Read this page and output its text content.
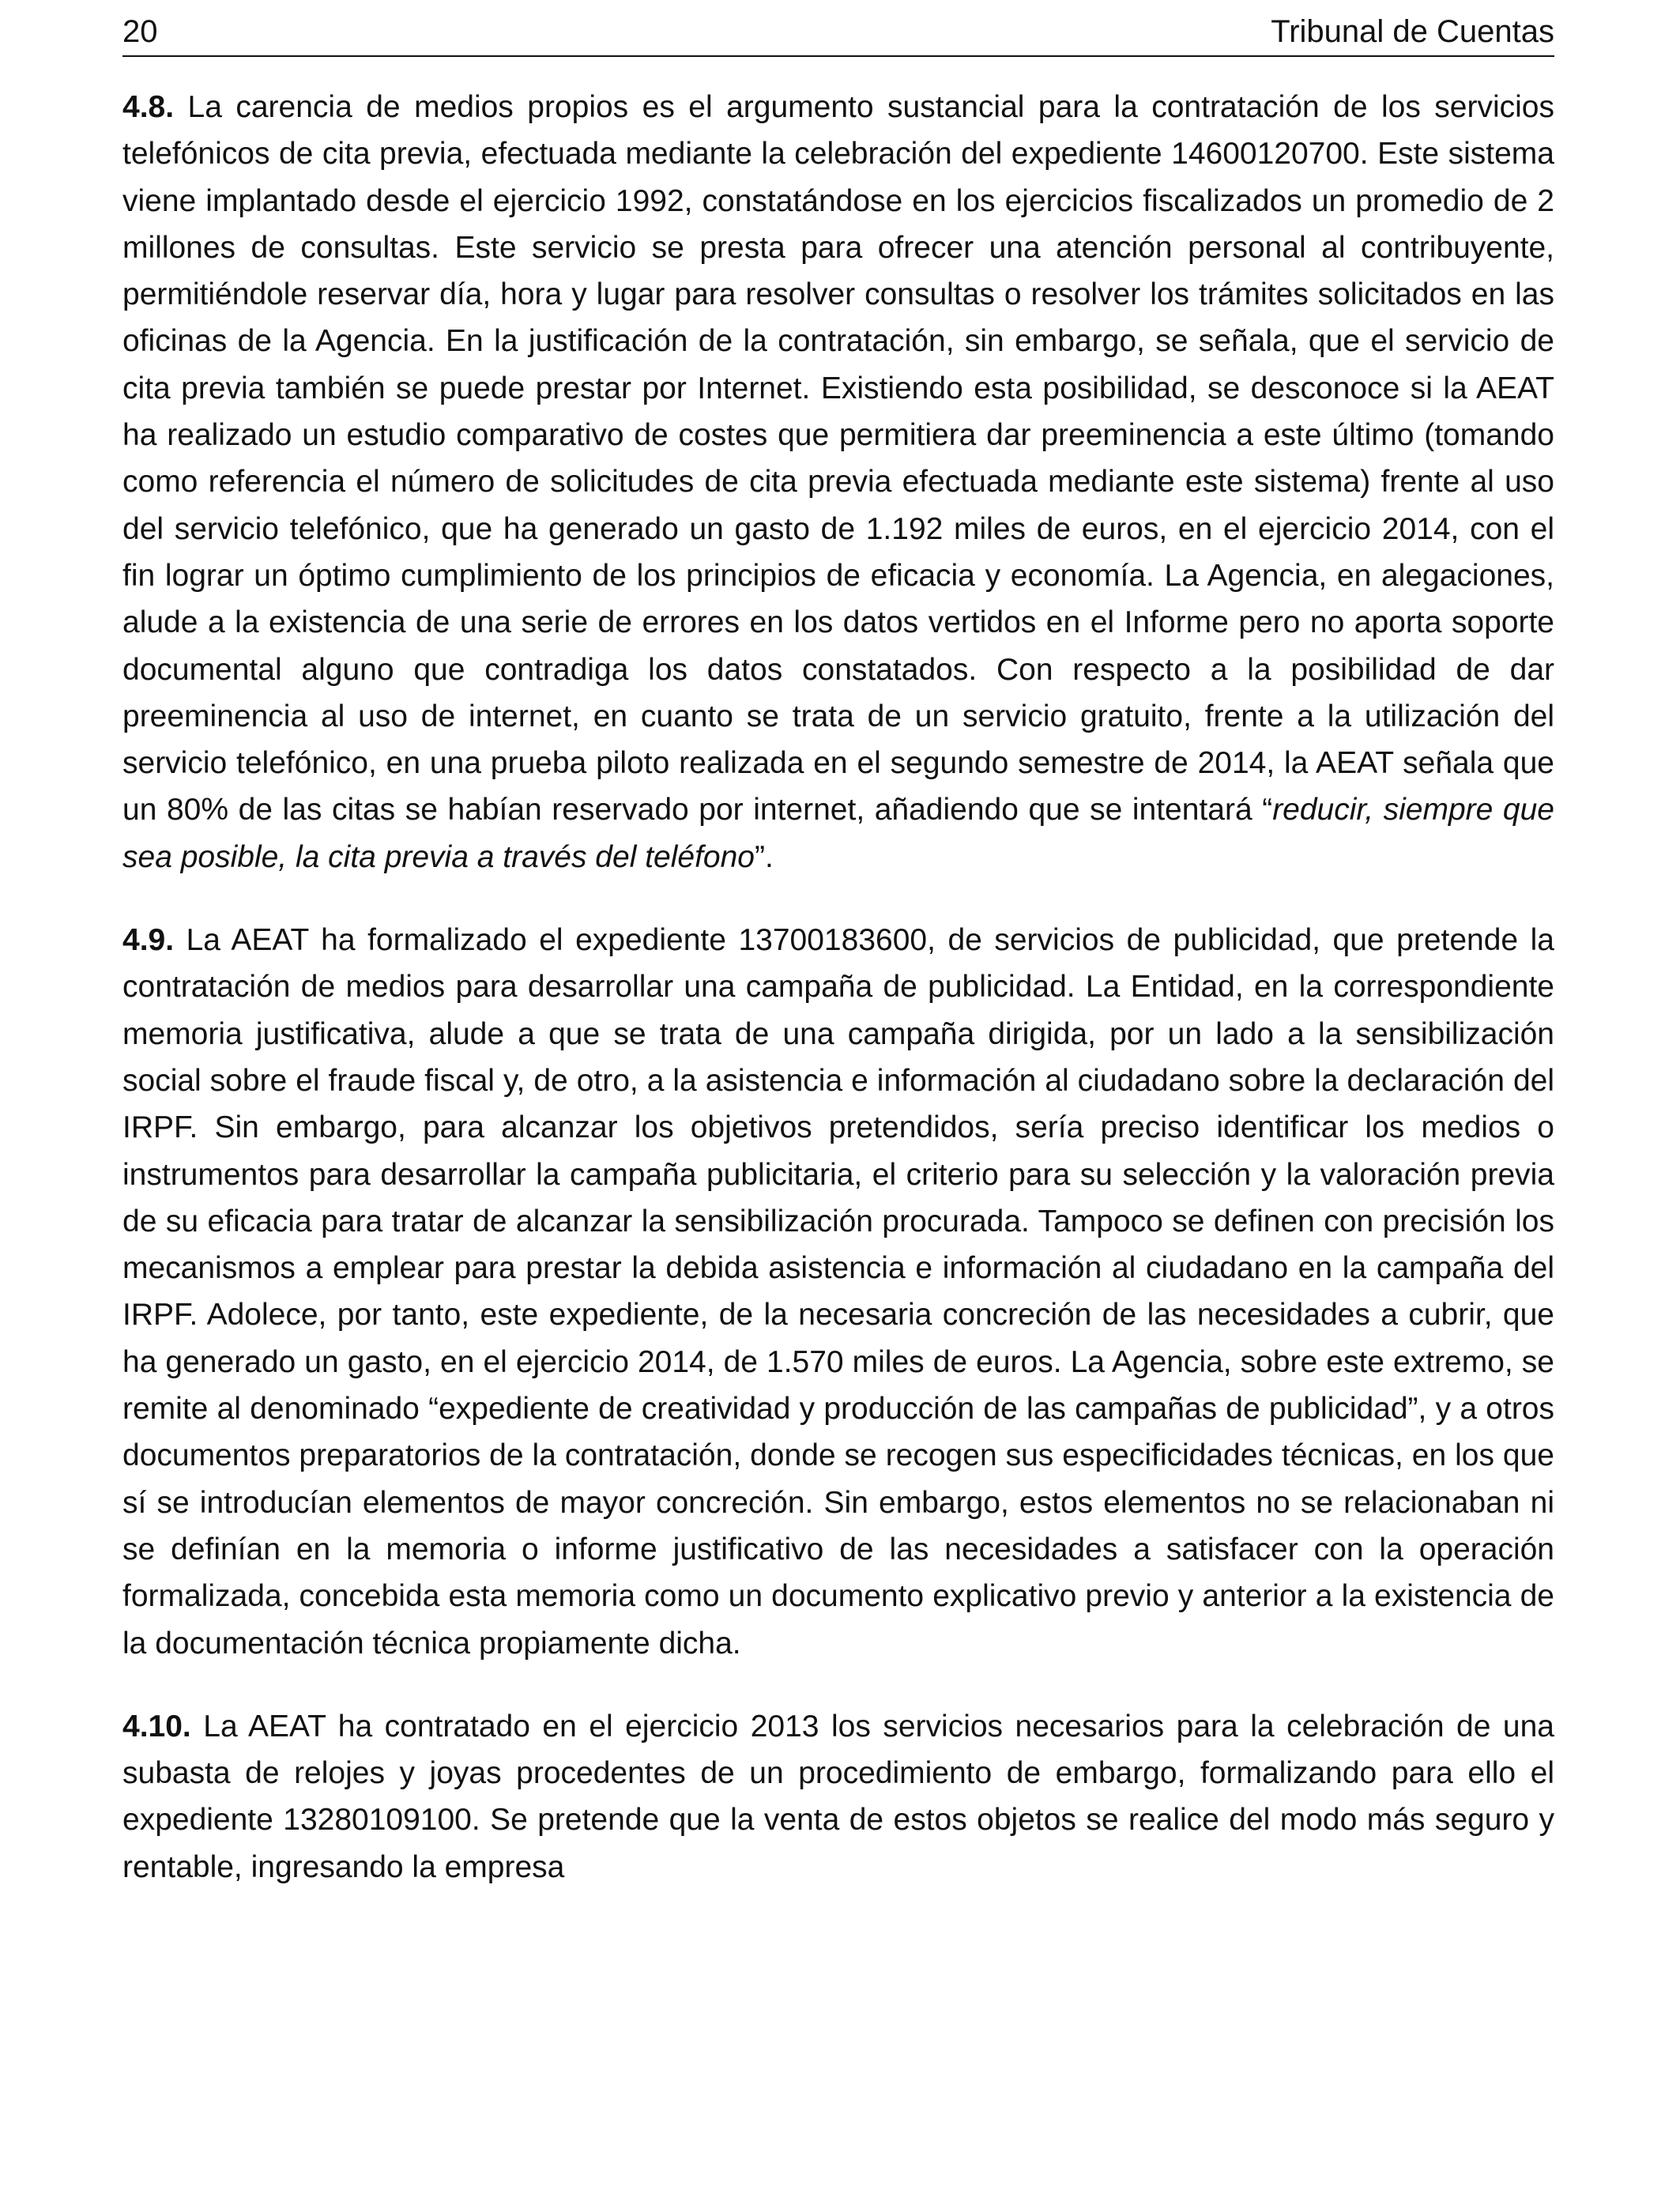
20	Tribunal de Cuentas

4.8. La carencia de medios propios es el argumento sustancial para la contratación de los servicios telefónicos de cita previa, efectuada mediante la celebración del expediente 14600120700. Este sistema viene implantado desde el ejercicio 1992, constatándose en los ejercicios fiscalizados un promedio de 2 millones de consultas. Este servicio se presta para ofrecer una atención personal al contribuyente, permitiéndole reservar día, hora y lugar para resolver consultas o resolver los trámites solicitados en las oficinas de la Agencia. En la justificación de la contratación, sin embargo, se señala, que el servicio de cita previa también se puede prestar por Internet. Existiendo esta posibilidad, se desconoce si la AEAT ha realizado un estudio comparativo de costes que permitiera dar preeminencia a este último (tomando como referencia el número de solicitudes de cita previa efectuada mediante este sistema) frente al uso del servicio telefónico, que ha generado un gasto de 1.192 miles de euros, en el ejercicio 2014, con el fin lograr un óptimo cumplimiento de los principios de eficacia y economía. La Agencia, en alegaciones, alude a la existencia de una serie de errores en los datos vertidos en el Informe pero no aporta soporte documental alguno que contradiga los datos constatados. Con respecto a la posibilidad de dar preeminencia al uso de internet, en cuanto se trata de un servicio gratuito, frente a la utilización del servicio telefónico, en una prueba piloto realizada en el segundo semestre de 2014, la AEAT señala que un 80% de las citas se habían reservado por internet, añadiendo que se intentará “reducir, siempre que sea posible, la cita previa a través del teléfono”.

4.9. La AEAT ha formalizado el expediente 13700183600, de servicios de publicidad, que pretende la contratación de medios para desarrollar una campaña de publicidad. La Entidad, en la correspondiente memoria justificativa, alude a que se trata de una campaña dirigida, por un lado a la sensibilización social sobre el fraude fiscal y, de otro, a la asistencia e información al ciudadano sobre la declaración del IRPF. Sin embargo, para alcanzar los objetivos pretendidos, sería preciso identificar los medios o instrumentos para desarrollar la campaña publicitaria, el criterio para su selección y la valoración previa de su eficacia para tratar de alcanzar la sensibilización procurada. Tampoco se definen con precisión los mecanismos a emplear para prestar la debida asistencia e información al ciudadano en la campaña del IRPF. Adolece, por tanto, este expediente, de la necesaria concreción de las necesidades a cubrir, que ha generado un gasto, en el ejercicio 2014, de 1.570 miles de euros. La Agencia, sobre este extremo, se remite al denominado “expediente de creatividad y producción de las campañas de publicidad”, y a otros documentos preparatorios de la contratación, donde se recogen sus especificidades técnicas, en los que sí se introducían elementos de mayor concreción. Sin embargo, estos elementos no se relacionaban ni se definían en la memoria o informe justificativo de las necesidades a satisfacer con la operación formalizada, concebida esta memoria como un documento explicativo previo y anterior a la existencia de la documentación técnica propiamente dicha.

4.10. La AEAT ha contratado en el ejercicio 2013 los servicios necesarios para la celebración de una subasta de relojes y joyas procedentes de un procedimiento de embargo, formalizando para ello el expediente 13280109100. Se pretende que la venta de estos objetos se realice del modo más seguro y rentable, ingresando la empresa
